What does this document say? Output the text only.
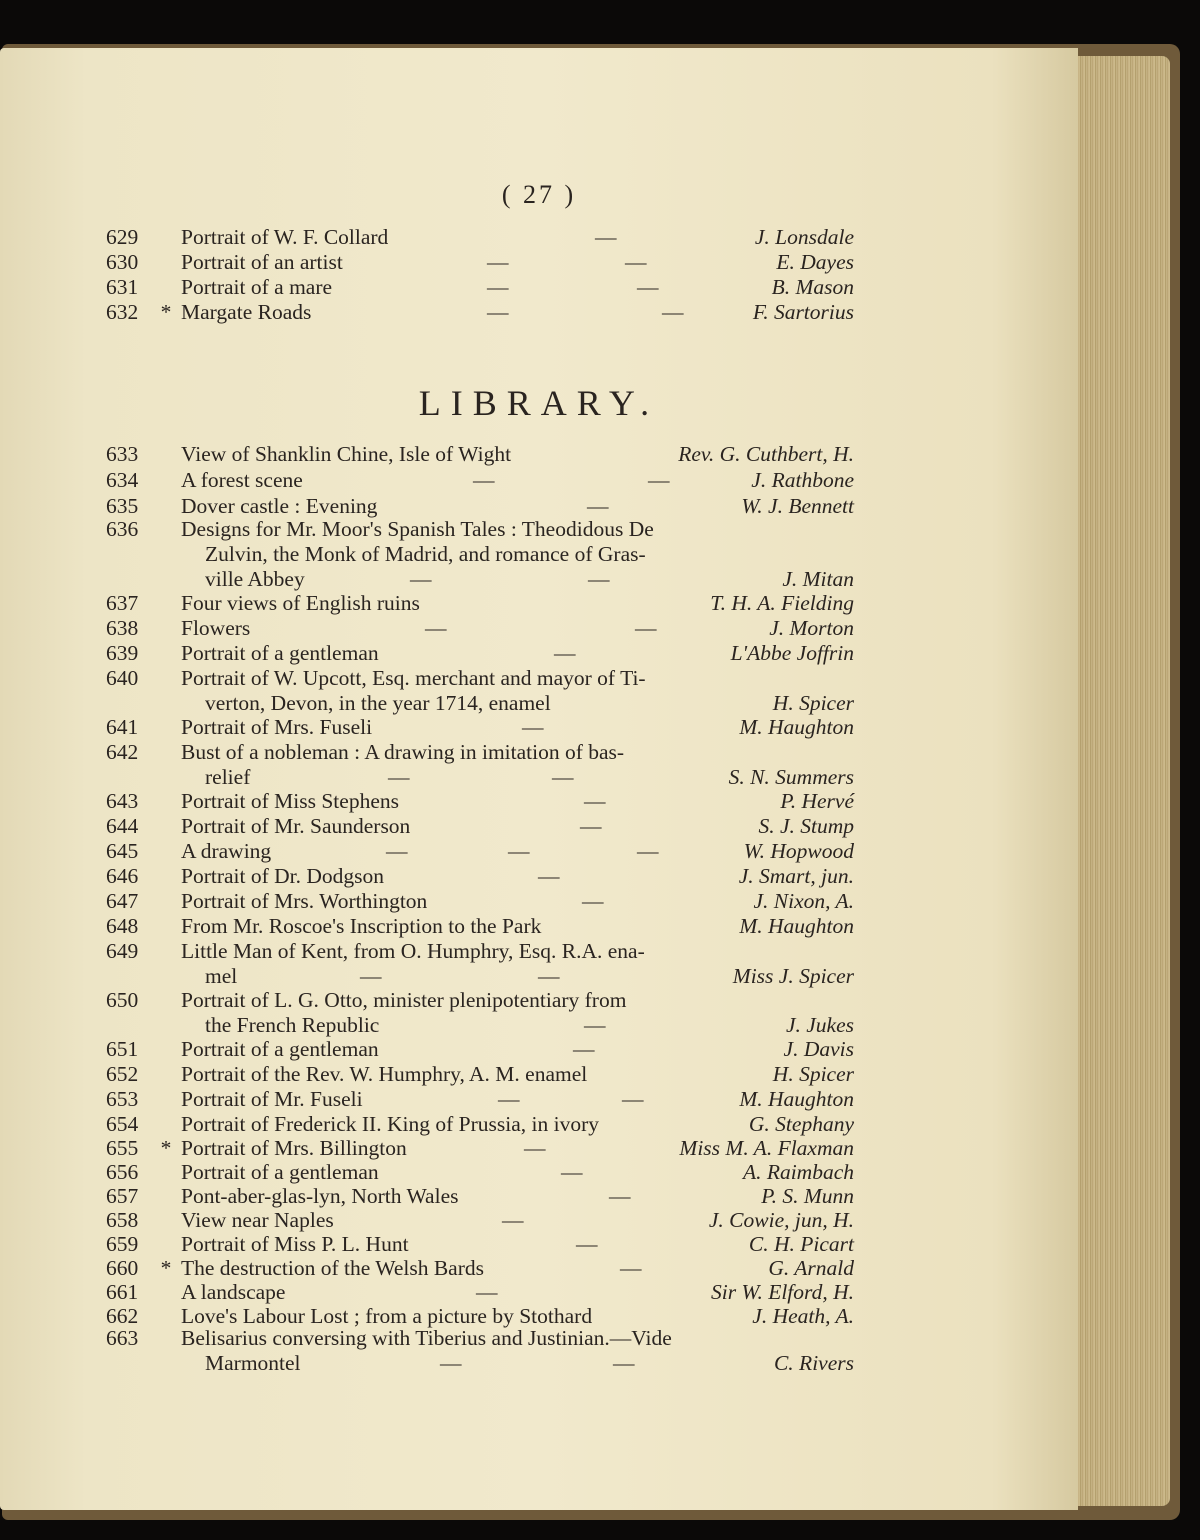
( 27 )
LIBRARY.
629	Portrait of W. F. Collard	—	J. Lonsdale
630	Portrait of an artist	—	—	E. Dayes
631	Portrait of a mare	—	—	B. Mason
632	* Margate Roads	—	—	F. Sartorius
633	View of Shanklin Chine, Isle of Wight	Rev. G. Cuthbert, H.
634	A forest scene	—	—	J. Rathbone
635	Dover castle : Evening	—	W. J. Bennett
636	Designs for Mr. Moor's Spanish Tales : Theodidous De
Zulvin, the Monk of Madrid, and romance of Gras-
ville Abbey	—	—	J. Mitan
637	Four views of English ruins	T. H. A. Fielding
638	Flowers	—	—	J. Morton
639	Portrait of a gentleman	—	L'Abbe Joffrin
640	Portrait of W. Upcott, Esq. merchant and mayor of Ti-
verton, Devon, in the year 1714, enamel	H. Spicer
641	Portrait of Mrs. Fuseli	—	M. Haughton
642	Bust of a nobleman : A drawing in imitation of bas-
relief	—	—	S. N. Summers
643	Portrait of Miss Stephens	—	P. Hervé
644	Portrait of Mr. Saunderson	—	S. J. Stump
645	A drawing	—	—	—	W. Hopwood
646	Portrait of Dr. Dodgson	—	J. Smart, jun.
647	Portrait of Mrs. Worthington	—	J. Nixon, A.
648	From Mr. Roscoe's Inscription to the Park	M. Haughton
649	Little Man of Kent, from O. Humphry, Esq. R.A. ena-
mel	—	—	Miss J. Spicer
650	Portrait of L. G. Otto, minister plenipotentiary from
the French Republic	—	J. Jukes
651	Portrait of a gentleman	—	J. Davis
652	Portrait of the Rev. W. Humphry, A. M. enamel	H. Spicer
653	Portrait of Mr. Fuseli	—	—	M. Haughton
654	Portrait of Frederick II. King of Prussia, in ivory	G. Stephany
655	* Portrait of Mrs. Billington	—	Miss M. A. Flaxman
656	Portrait of a gentleman	—	A. Raimbach
657	Pont-aber-glas-lyn, North Wales	—	P. S. Munn
658	View near Naples	—	J. Cowie, jun, H.
659	Portrait of Miss P. L. Hunt	—	C. H. Picart
660	* The destruction of the Welsh Bards	—	G. Arnald
661	A landscape	—	Sir W. Elford, H.
662	Love's Labour Lost ; from a picture by Stothard	J. Heath, A.
663	Belisarius conversing with Tiberius and Justinian.—Vide
Marmontel	—	—	C. Rivers
